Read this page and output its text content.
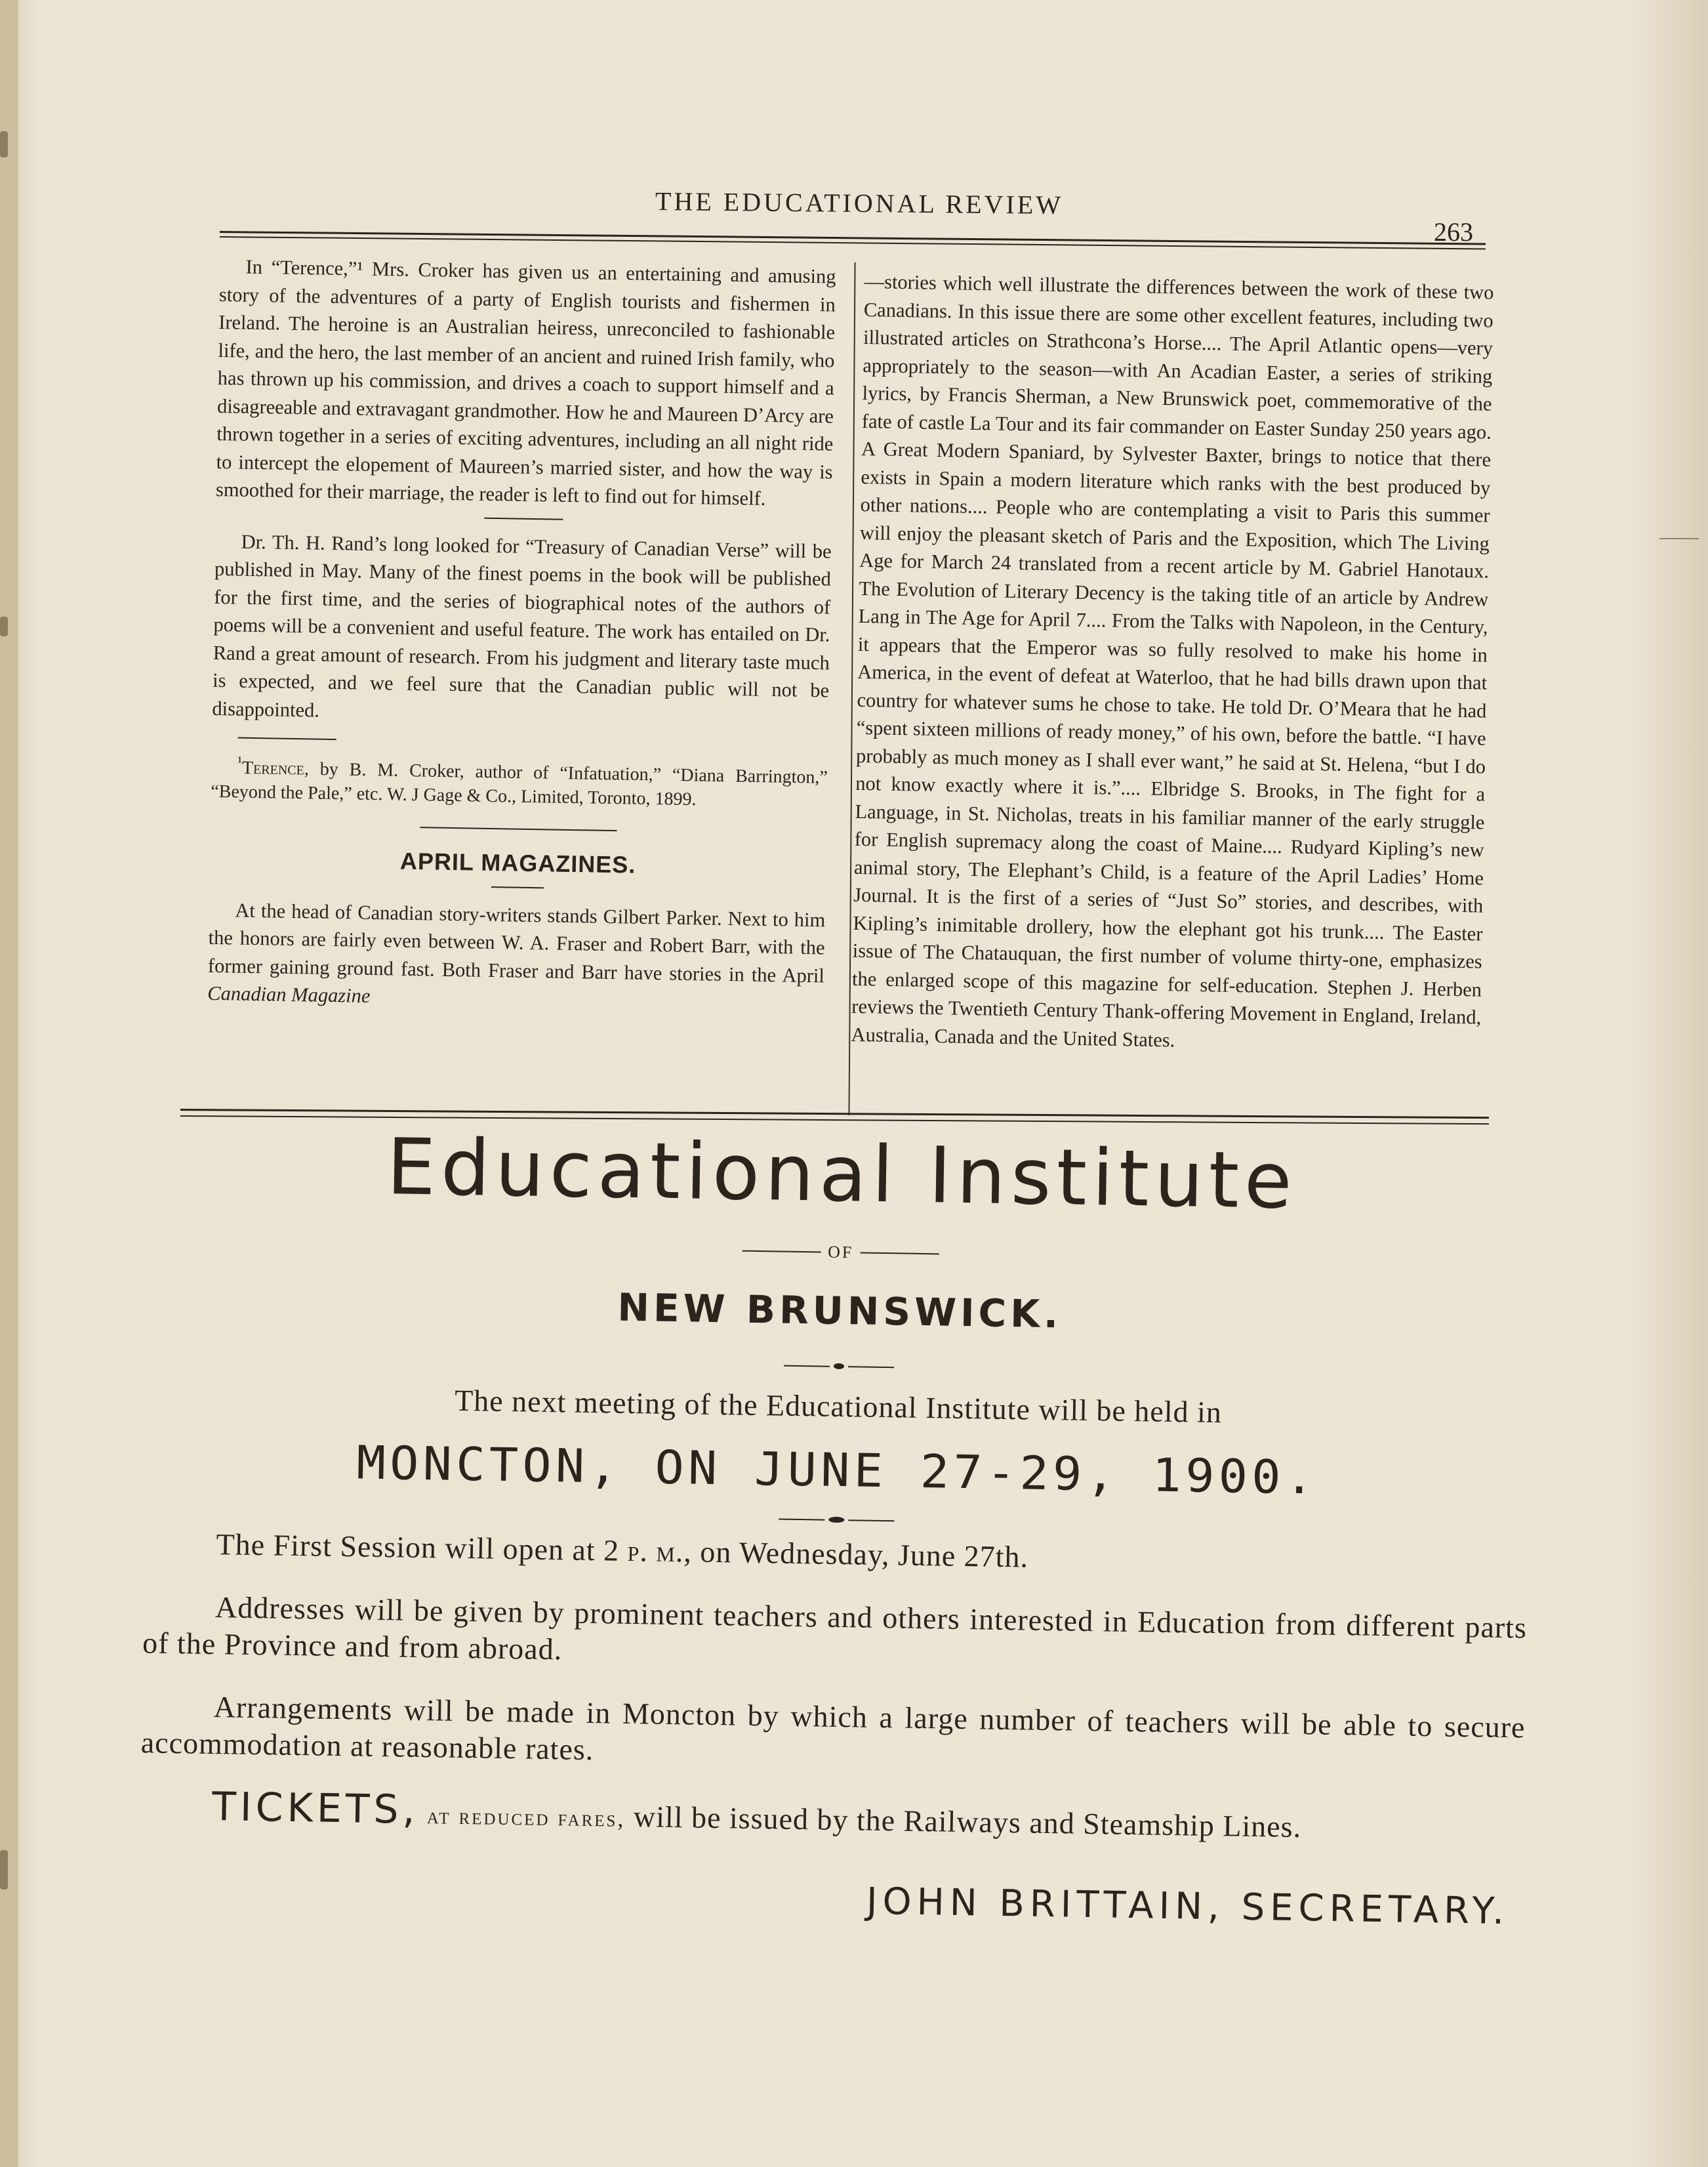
THE EDUCATIONAL REVIEW
263

In “Terence,”¹ Mrs. Croker has given us an entertaining and amusing story of the adventures of a party of English tourists and fishermen in Ireland. The heroine is an Australian heiress, unreconciled to fashionable life, and the hero, the last member of an ancient and ruined Irish family, who has thrown up his commission, and drives a coach to support himself and a disagreeable and extravagant grandmother. How he and Maureen D’Arcy are thrown together in a series of exciting adventures, including an all night ride to intercept the elopement of Maureen’s married sister, and how the way is smoothed for their marriage, the reader is left to find out for himself.

Dr. Th. H. Rand’s long looked for “Treasury of Canadian Verse” will be published in May. Many of the finest poems in the book will be published for the first time, and the series of biographical notes of the authors of poems will be a convenient and useful feature. The work has entailed on Dr. Rand a great amount of research. From his judgment and literary taste much is expected, and we feel sure that the Canadian public will not be disappointed.

$^{^1}$Terence, by B. M. Croker, author of “Infatuation,” “Diana Barrington,” “Beyond the Pale,” etc. W. J Gage & Co., Limited, Toronto, 1899.

APRIL MAGAZINES.

At the head of Canadian story-writers stands Gilbert Parker. Next to him the honors are fairly even between W. A. Fraser and Robert Barr, with the former gaining ground fast. Both Fraser and Barr have stories in the April Canadian Magazine

—stories which well illustrate the differences between the work of these two Canadians. In this issue there are some other excellent features, including two illustrated articles on Strathcona’s Horse.... The April Atlantic opens—very appropriately to the season—with An Acadian Easter, a series of striking lyrics, by Francis Sherman, a New Brunswick poet, commemorative of the fate of castle La Tour and its fair commander on Easter Sunday 250 years ago. A Great Modern Spaniard, by Sylvester Baxter, brings to notice that there exists in Spain a modern literature which ranks with the best produced by other nations.... People who are contemplating a visit to Paris this summer will enjoy the pleasant sketch of Paris and the Exposition, which The Living Age for March 24 translated from a recent article by M. Gabriel Hanotaux. The Evolution of Literary Decency is the taking title of an article by Andrew Lang in The Age for April 7.... From the Talks with Napoleon, in the Century, it appears that the Emperor was so fully resolved to make his home in America, in the event of defeat at Waterloo, that he had bills drawn upon that country for whatever sums he chose to take. He told Dr. O’Meara that he had “spent sixteen millions of ready money,” of his own, before the battle. “I have probably as much money as I shall ever want,” he said at St. Helena, “but I do not know exactly where it is.”.... Elbridge S. Brooks, in The fight for a Language, in St. Nicholas, treats in his familiar manner of the early struggle for English supremacy along the coast of Maine.... Rudyard Kipling’s new animal story, The Elephant’s Child, is a feature of the April Ladies’ Home Journal. It is the first of a series of “Just So” stories, and describes, with Kipling’s inimitable drollery, how the elephant got his trunk.... The Easter issue of The Chatauquan, the first number of volume thirty-one, emphasizes the enlarged scope of this magazine for self-education. Stephen J. Herben reviews the Twentieth Century Thank-offering Movement in England, Ireland, Australia, Canada and the United States.

Educational Institute
OF
NEW BRUNSWICK.
The next meeting of the Educational Institute will be held in
MONCTON, ON JUNE 27-29, 1900.

The First Session will open at 2 p. m., on Wednesday, June 27th.

Addresses will be given by prominent teachers and others interested in Education from different parts of the Province and from abroad.

Arrangements will be made in Moncton by which a large number of teachers will be able to secure accommodation at reasonable rates.

TICKETS, at reduced fares, will be issued by the Railways and Steamship Lines.

JOHN BRITTAIN, SECRETARY.
